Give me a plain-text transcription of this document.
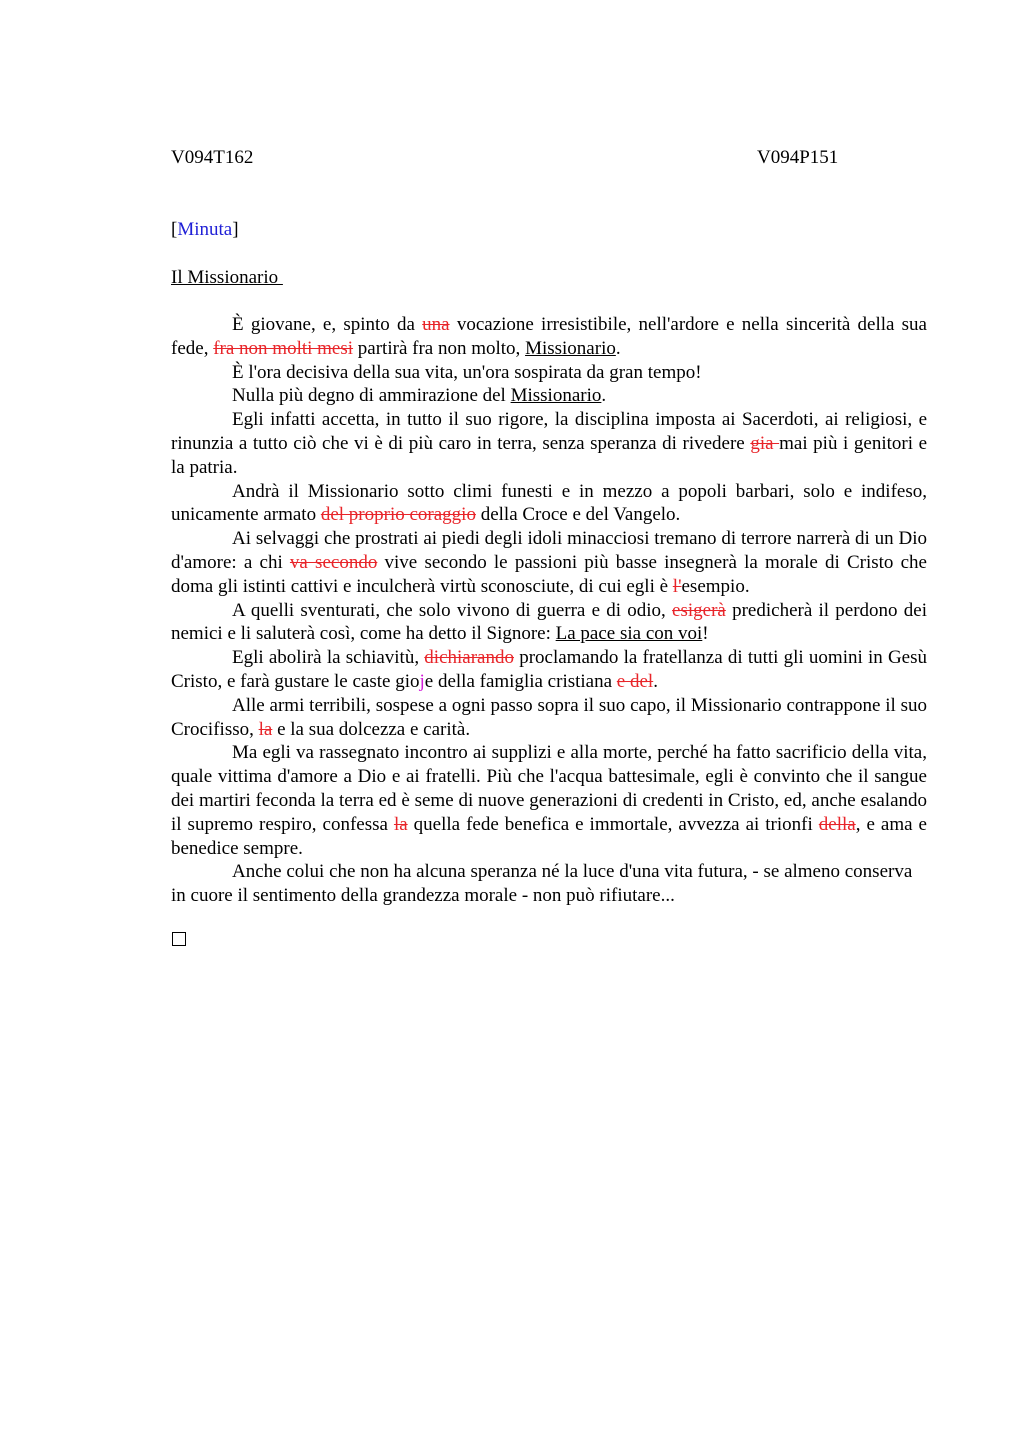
V094T162	V094P151
[Minuta]
Il Missionario

È giovane, e, spinto da una vocazione irresistibile, nell'ardore e nella sincerità della sua fede, fra non molti mesi partirà fra non molto, Missionario.

È l'ora decisiva della sua vita, un'ora sospirata da gran tempo!

Nulla più degno di ammirazione del Missionario.

Egli infatti accetta, in tutto il suo rigore, la disciplina imposta ai Sacerdoti, ai religiosi, e rinunzia a tutto ciò che vi è di più caro in terra, senza speranza di rivedere gia mai più i genitori e la patria.

Andrà il Missionario sotto climi funesti e in mezzo a popoli barbari, solo e indifeso, unicamente armato del proprio coraggio della Croce e del Vangelo.

Ai selvaggi che prostrati ai piedi degli idoli minacciosi tremano di terrore narrerà di un Dio d'amore: a chi va secondo vive secondo le passioni più basse insegnerà la morale di Cristo che doma gli istinti cattivi e inculcherà virtù sconosciute, di cui egli è l'esempio.

A quelli sventurati, che solo vivono di guerra e di odio, esigerà predicherà il perdono dei nemici e li saluterà così, come ha detto il Signore: La pace sia con voi!

Egli abolirà la schiavitù, dichiarando proclamando la fratellanza di tutti gli uomini in Gesù Cristo, e farà gustare le caste gioje della famiglia cristiana e del.

Alle armi terribili, sospese a ogni passo sopra il suo capo, il Missionario contrappone il suo Crocifisso, la e la sua dolcezza e carità.

Ma egli va rassegnato incontro ai supplizi e alla morte, perché ha fatto sacrificio della vita, quale vittima d'amore a Dio e ai fratelli. Più che l'acqua battesimale, egli è convinto che il sangue dei martiri feconda la terra ed è seme di nuove generazioni di credenti in Cristo, ed, anche esalando il supremo respiro, confessa la quella fede benefica e immortale, avvezza ai trionfi della, e ama e benedice sempre.

Anche colui che non ha alcuna speranza né la luce d'una vita futura, - se almeno conserva in cuore il sentimento della grandezza morale - non può rifiutare...
